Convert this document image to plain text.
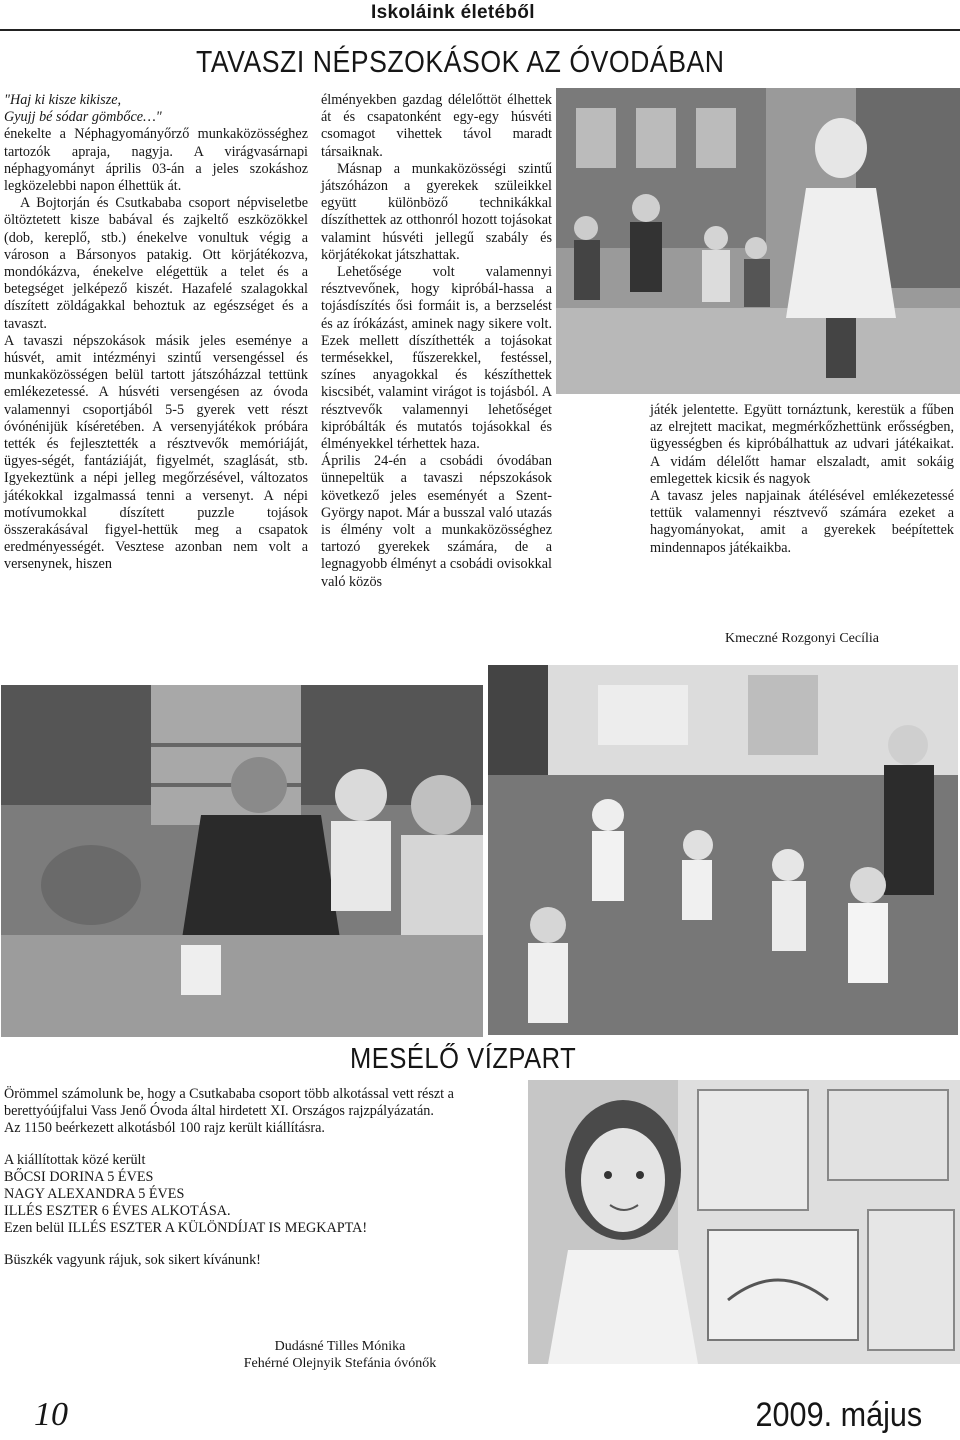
Iskoláink életéből
TAVASZI NÉPSZOKÁSOK AZ ÓVODÁBAN

"Haj ki kisze kikisze,

Gyujj bé sódar gömbőce…"

énekelte a Néphagyományőrző munkaközösséghez tartozók apraja, nagyja. A virágvasárnapi néphagyományt április 03-án a jeles szokáshoz legközelebbi napon élhettük át.

A Bojtorján és Csutkababa csoport népviseletbe öltöztetett kisze babával és zajkeltő eszközökkel (dob, kereplő, stb.) énekelve vonultuk végig a városon a Bársonyos patakig. Ott körjátékozva, mondókázva, énekelve elégettük a telet és a betegséget jelképező kiszét. Hazafelé szalagokkal díszített zöldágakkal behoztuk az egészséget és a tavaszt.

A tavaszi népszokások másik jeles eseménye a húsvét, amit intézményi szintű versengéssel és munkaközösségen belül tartott játszóházzal tettünk emlékezetessé. A húsvéti versengésen az óvoda valamennyi csoportjából 5-5 gyerek vett részt óvónénijük kíséretében. A versenyjátékok próbára tették és fejlesztették a résztvevők memóriáját, ügyes-ségét, fantáziáját, figyelmét, szaglását, stb. Igyekeztünk a népi jelleg megőrzésével, változatos játékokkal izgalmassá tenni a versenyt. A népi motívumokkal díszített puzzle tojások összerakásával figyel-hettük meg a csapatok eredményességét. Vesztese azonban nem volt a versenynek, hiszen

élményekben gazdag délelőttöt élhettek át és csapatonként egy-egy húsvéti csomagot vihettek távol maradt társaiknak.

Másnap a munkaközösségi szintű játszóházon a gyerekek szüleikkel együtt különböző technikákkal díszíthettek az otthonról hozott tojásokat valamint húsvéti jellegű szabály és körjátékokat játszhattak.

Lehetősége volt valamennyi résztvevőnek, hogy kipróbál-hassa a tojásdíszítés ősi formáit is, a berzselést és az írókázást, aminek nagy sikere volt. Ezek mellett díszíthették a tojásokat termésekkel, fűszerekkel, festéssel, színes anyagokkal és készíthettek kiscsibét, valamint virágot is tojásból. A résztvevők valamennyi lehetőséget kipróbálták és mutatós tojásokkal és élményekkel térhettek haza.

Április 24-én a csobádi óvodában ünnepeltük a tavaszi népszokások következő jeles eseményét a Szent-György napot. Már a busszal való utazás is élmény volt a munkaközösséghez tartozó gyerekek számára, de a legnagyobb élményt a csobádi ovisokkal való közös

játék jelentette. Együtt tornáztunk, kerestük a fűben az elrejtett macikat, megmérkőzhettünk erősségben, ügyességben és kipróbálhattuk az udvari játékaikat. A vidám délelőtt hamar elszaladt, amit sokáig emlegettek kicsik és nagyok

A tavasz jeles napjainak átélésével emlékezetessé tettük valamennyi résztvevő számára ezeket a hagyományokat, amit a gyerekek beépítettek mindennapos játékaikba.

Kmeczné Rozgonyi Cecília
MESÉLŐ VÍZPART

Örömmel számolunk be, hogy a Csutkababa csoport több alkotással vett részt a berettyóújfalui Vass Jenő Óvoda által hirdetett XI. Országos rajzpályázatán.

Az 1150 beérkezett alkotásból 100 rajz került kiállításra.

A kiállítottak közé került

BŐCSI DORINA 5 ÉVES

NAGY ALEXANDRA 5 ÉVES

ILLÉS ESZTER 6 ÉVES ALKOTÁSA.

Ezen belül ILLÉS ESZTER A KÜLÖNDÍJAT IS MEGKAPTA!

Büszkék vagyunk rájuk, sok sikert kívánunk!

Dudásné Tilles Mónika
Fehérné Olejnyik Stefánia óvónők
10	2009. május
